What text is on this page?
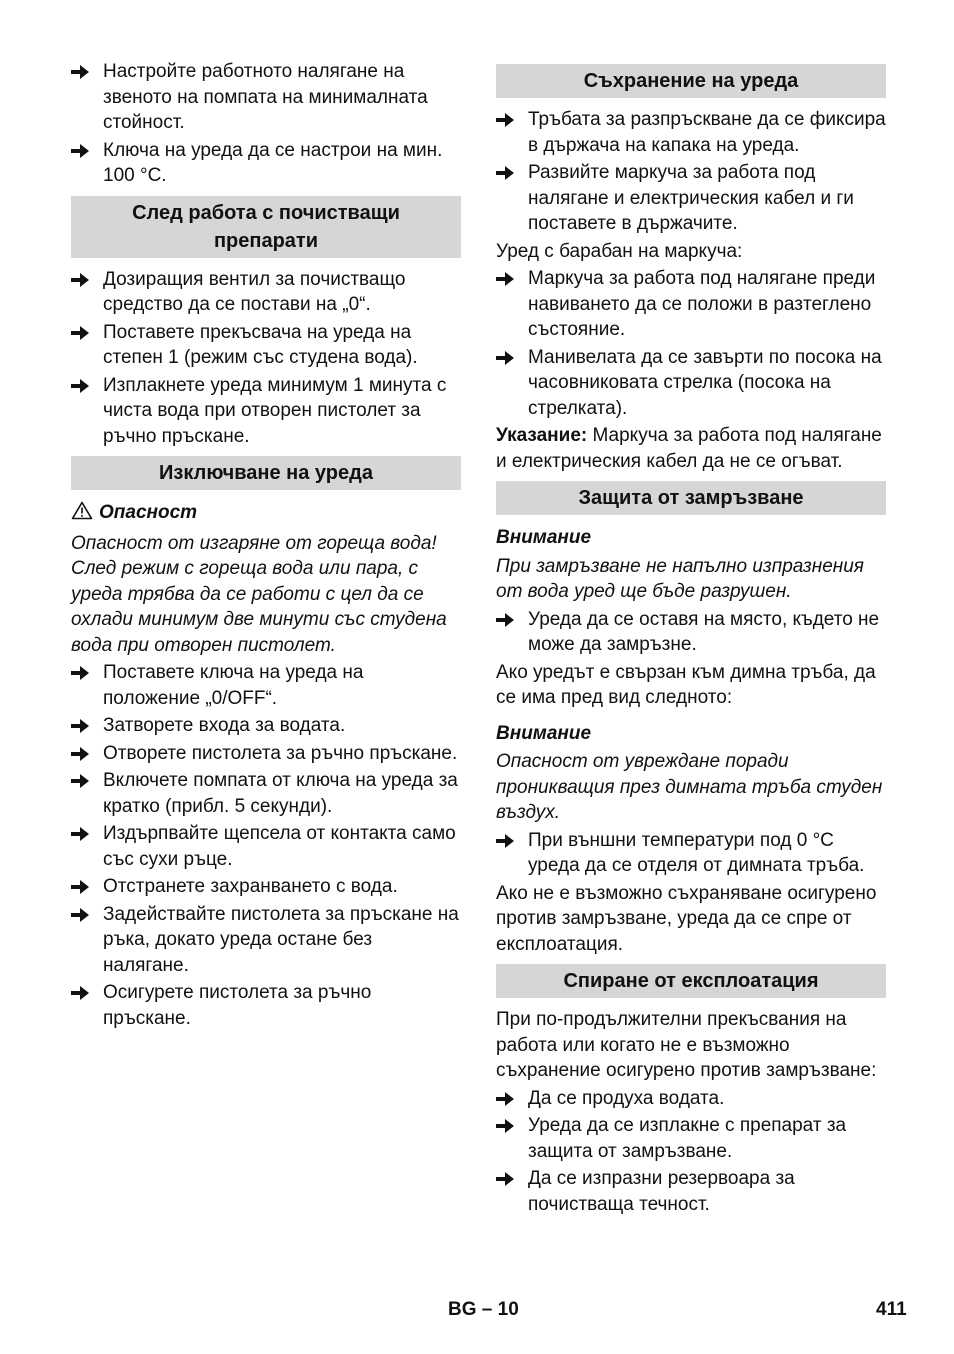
Настройте работното налягане на звеното на помпата на минималната стойност.
Ключа на уреда да се настрои на мин. 100 °C.
След работа с почистващи препарати
Дозиращия вентил за почистващо средство да се постави на „0“.
Поставете прекъсвача на уреда на степен 1 (режим със студена вода).
Изплакнете уреда минимум 1 минута с чиста вода при отворен пистолет за ръчно пръскане.
Изключване на уреда
Опасност
Опасност от изгаряне от гореща вода! След режим с гореща вода или пара, с уреда трябва да се работи с цел да се охлади минимум две минути със студена вода при отворен пистолет.
Поставете ключа на уреда на положение „0/OFF“.
Затворете входа за водата.
Отворете пистолета за ръчно пръскане.
Включете помпата от ключа на уреда за кратко (прибл. 5 секунди).
Издърпвайте щепсела от контакта само със сухи ръце.
Отстранете захранването с вода.
Задействайте пистолета за пръскане на ръка, докато уреда остане без налягане.
Осигурете пистолета за ръчно пръскане.
Съхранение на уреда
Тръбата за разпръскване да се фиксира в държача на капака на уреда.
Развийте маркуча за работа под налягане и електрическия кабел и ги поставете в държачите.
Уред с барабан на маркуча:
Маркуча за работа под налягане преди навиването да се положи в разтеглено състояние.
Манивелата да се завърти по посока на часовниковата стрелка (посока на стрелката).
Указание: Маркуча за работа под налягане и електрическия кабел да не се огъват.
Защита от замръзване
Внимание
При замръзване не напълно изпразнения от вода уред ще бъде разрушен.
Уреда да се оставя на място, където не може да замръзне.
Ако уредът е свързан към димна тръба, да се има пред вид следното:
Внимание
Опасност от увреждане поради проникващия през димната тръба студен въздух.
При външни температури под 0 °C уреда да се отделя от димната тръба.
Ако не е възможно съхраняване осигурено против замръзване, уреда да се спре от експлоатация.
Спиране от експлоатация
При по-продължителни прекъсвания на работа или когато не е възможно съхранение осигурено против замръзване:
Да се продуха водата.
Уреда да се изплакне с препарат за защита от замръзване.
Да се изпразни резервоара за почистваща течност.
BG – 10	411
